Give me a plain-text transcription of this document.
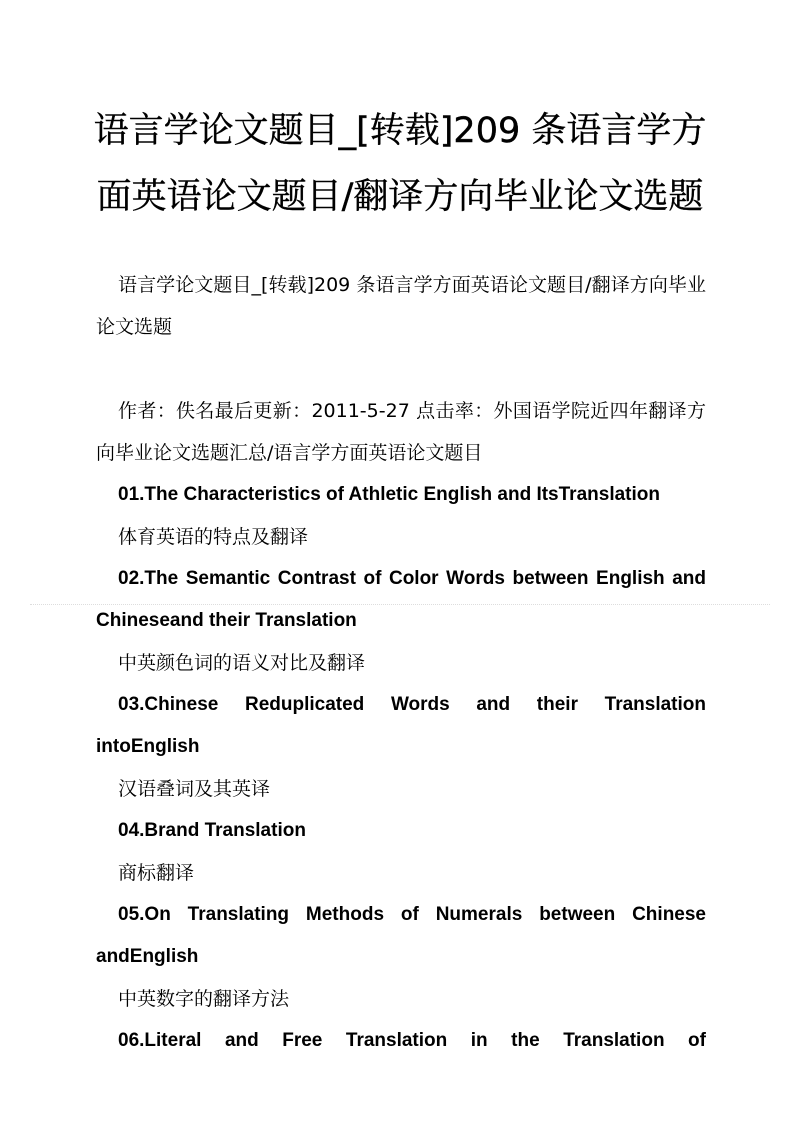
语言学论文题目_[转载]209 条语言学方面英语论文题目/翻译方向毕业论文选题

语言学论文题目_[转载]209 条语言学方面英语论文题目/翻译方向毕业论文选题

作者：佚名最后更新：2011-5-27 点击率：外国语学院近四年翻译方向毕业论文选题汇总/语言学方面英语论文题目

01.The Characteristics of Athletic English and ItsTranslation
体育英语的特点及翻译
02.The Semantic Contrast of Color Words between English and Chineseand their Translation
中英颜色词的语义对比及翻译
03.Chinese Reduplicated Words and their Translation intoEnglish
汉语叠词及其英译
04.Brand Translation
商标翻译
05.On Translating Methods of Numerals between Chinese andEnglish
中英数字的翻译方法
06.Literal and Free Translation in the Translation of
